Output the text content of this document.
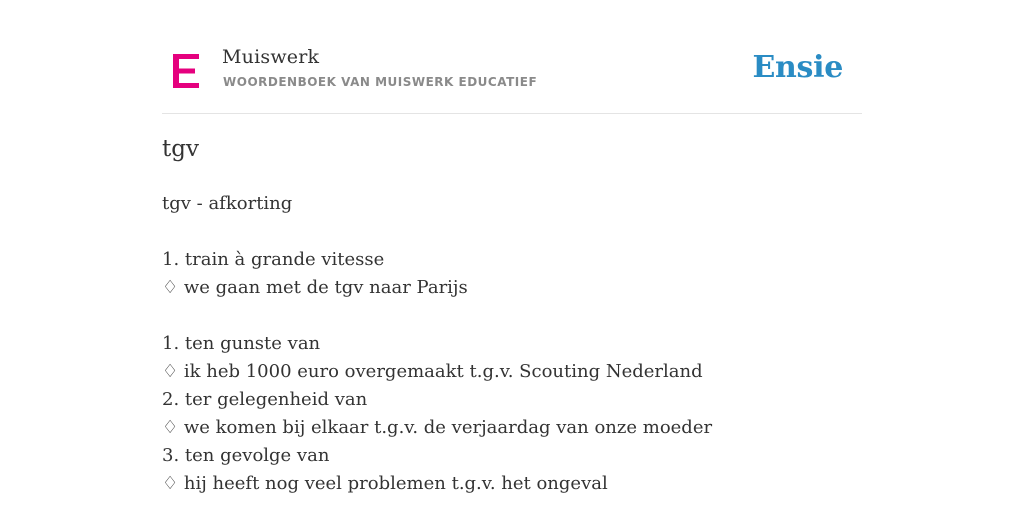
Muiswerk
WOORDENBOEK VAN MUISWERK EDUCATIEF	Ensie
tgv
tgv - afkorting
1. train à grande vitesse
♢ we gaan met de tgv naar Parijs
1. ten gunste van
♢ ik heb 1000 euro overgemaakt t.g.v. Scouting Nederland
2. ter gelegenheid van
♢ we komen bij elkaar t.g.v. de verjaardag van onze moeder
3. ten gevolge van
♢ hij heeft nog veel problemen t.g.v. het ongeval
